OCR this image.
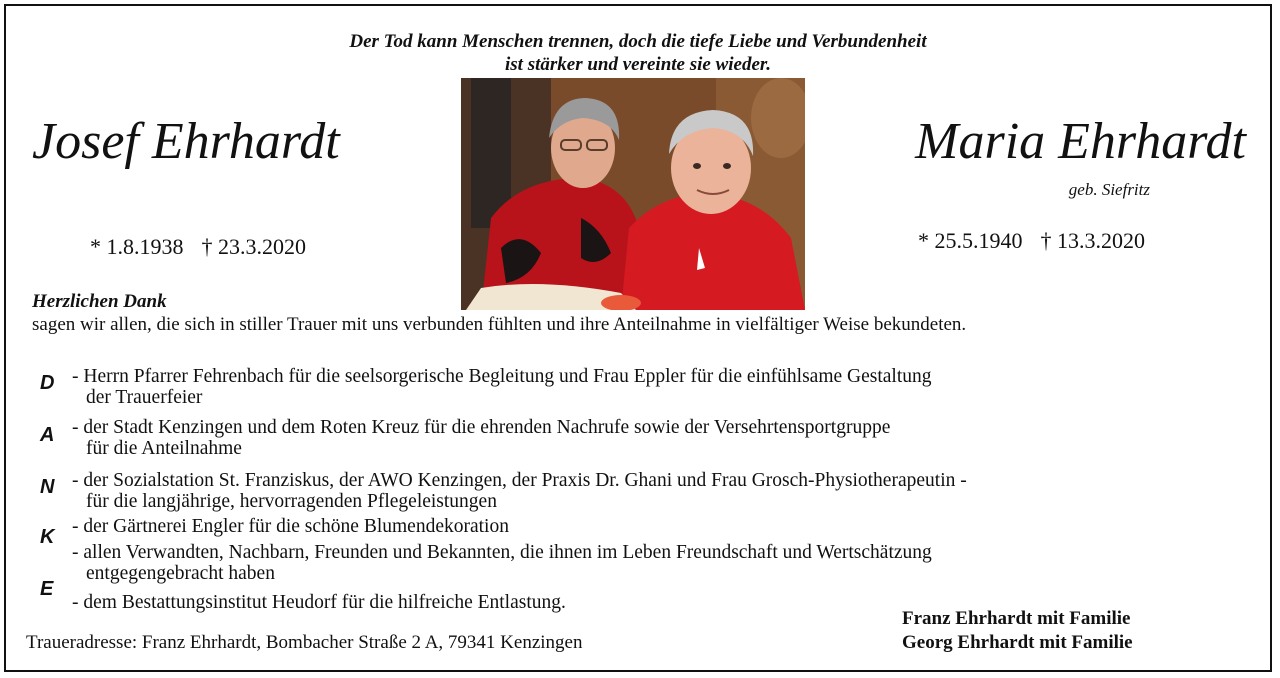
Der Tod kann Menschen trennen, doch die tiefe Liebe und Verbundenheit
ist stärker und vereinte sie wieder.
Josef Ehrhardt
* 1.8.1938 † 23.3.2020
Maria Ehrhardt
geb. Siefritz
* 25.5.1940 † 13.3.2020
Herzlichen Dank
sagen wir allen, die sich in stiller Trauer mit uns verbunden fühlten und ihre Anteilnahme in vielfältiger Weise bekundeten.
D
A
N
K
E
- Herrn Pfarrer Fehrenbach für die seelsorgerische Begleitung und Frau Eppler für die einfühlsame Gestaltung
der Trauerfeier
- der Stadt Kenzingen und dem Roten Kreuz für die ehrenden Nachrufe sowie der Versehrtensportgruppe
für die Anteilnahme
- der Sozialstation St. Franziskus, der AWO Kenzingen, der Praxis Dr. Ghani und Frau Grosch-Physiotherapeutin -
für die langjährige, hervorragenden Pflegeleistungen
- der Gärtnerei Engler für die schöne Blumendekoration
- allen Verwandten, Nachbarn, Freunden und Bekannten, die ihnen im Leben Freundschaft und Wertschätzung
entgegengebracht haben
- dem Bestattungsinstitut Heudorf für die hilfreiche Entlastung.
Traueradresse: Franz Ehrhardt, Bombacher Straße 2 A, 79341 Kenzingen
Franz Ehrhardt mit Familie
Georg Ehrhardt mit Familie
